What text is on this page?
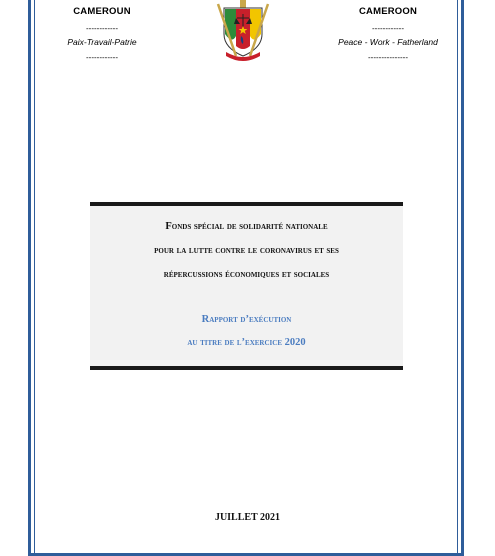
CAMEROUN
------------
Paix-Travail-Patrie
------------
CAMEROON
------------
Peace - Work - Fatherland
---------------
Fonds spécial de solidarité nationale
pour la lutte contre le coronavirus et ses
répercussions économiques et sociales
Rapport d’exécution
au titre de l’exercice 2020
JUILLET 2021
